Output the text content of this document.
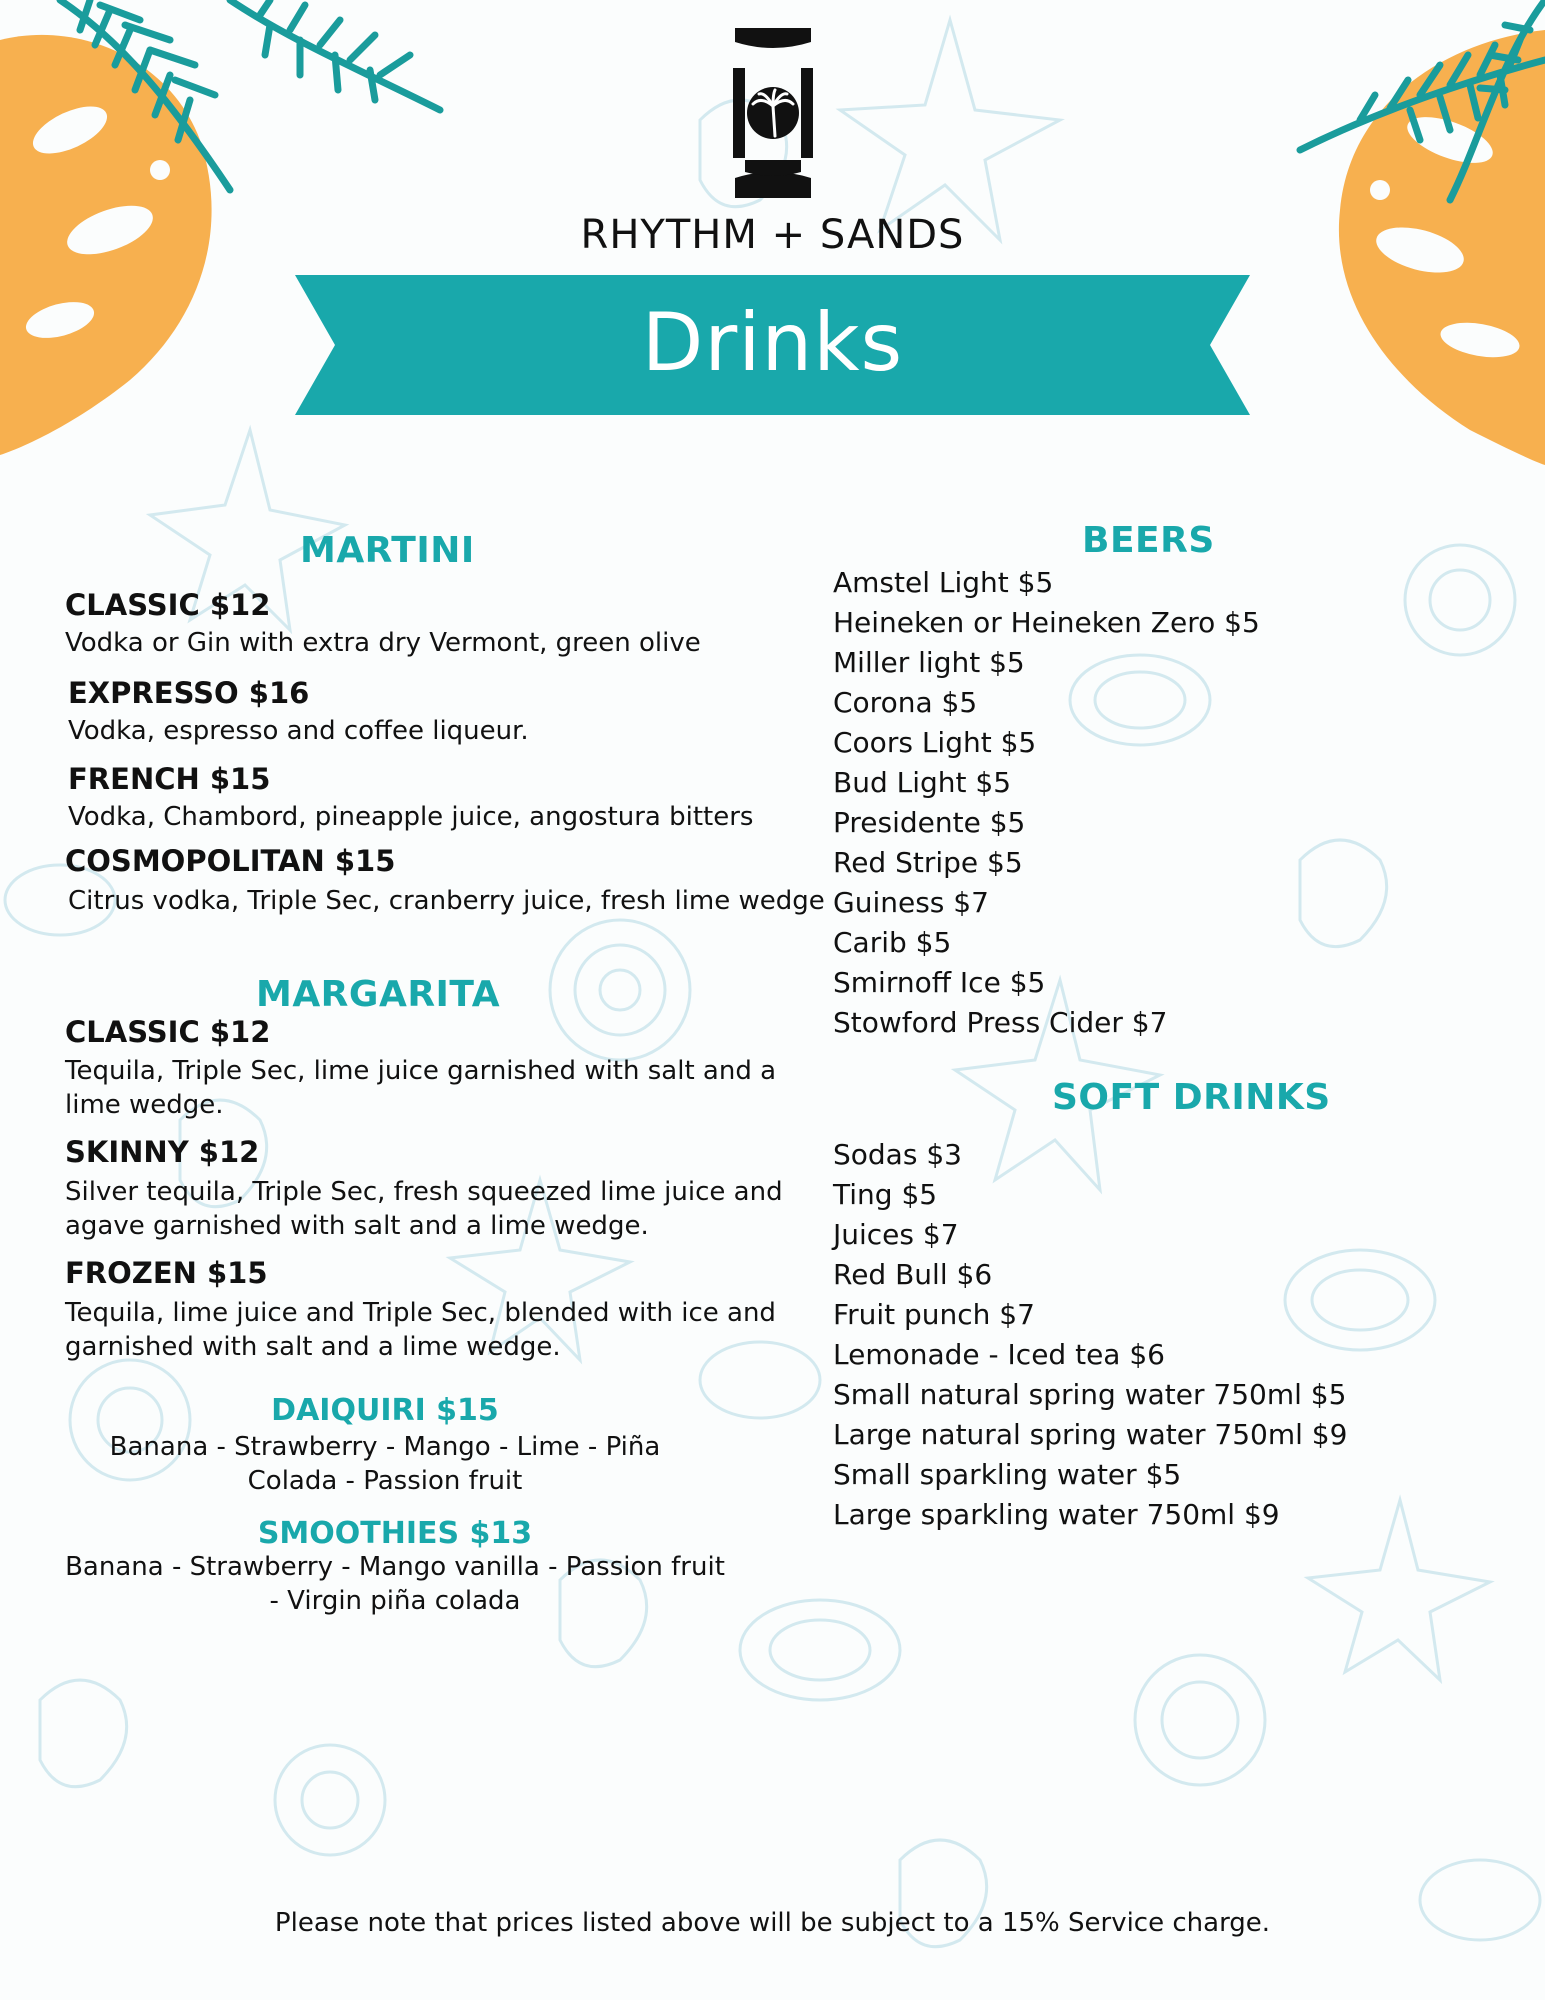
RHYTHM + SANDS
Drinks
MARTINI
CLASSIC $12
Vodka or Gin with extra dry Vermont, green olive
EXPRESSO $16
Vodka, espresso and coffee liqueur.
FRENCH $15
Vodka, Chambord, pineapple juice, angostura bitters
COSMOPOLITAN $15
Citrus vodka, Triple Sec, cranberry juice, fresh lime wedge
MARGARITA
CLASSIC $12
Tequila, Triple Sec, lime juice garnished with salt and a lime wedge.
SKINNY $12
Silver tequila, Triple Sec, fresh squeezed lime juice and agave garnished with salt and a lime wedge.
FROZEN $15
Tequila, lime juice and Triple Sec, blended with ice and garnished with salt and a lime wedge.
DAIQUIRI $15
Banana - Strawberry - Mango - Lime - Piña Colada - Passion fruit
SMOOTHIES $13
Banana - Strawberry - Mango vanilla - Passion fruit - Virgin piña colada
BEERS
Amstel Light $5
Heineken or Heineken Zero $5
Miller light $5
Corona $5
Coors Light $5
Bud Light $5
Presidente $5
Red Stripe $5
Guiness $7
Carib $5
Smirnoff Ice $5
Stowford Press Cider $7
SOFT DRINKS
Sodas $3
Ting $5
Juices $7
Red Bull $6
Fruit punch $7
Lemonade - Iced tea $6
Small natural spring water 750ml $5
Large natural spring water 750ml $9
Small sparkling water $5
Large sparkling water 750ml $9
Please note that prices listed above will be subject to a 15% Service charge.
